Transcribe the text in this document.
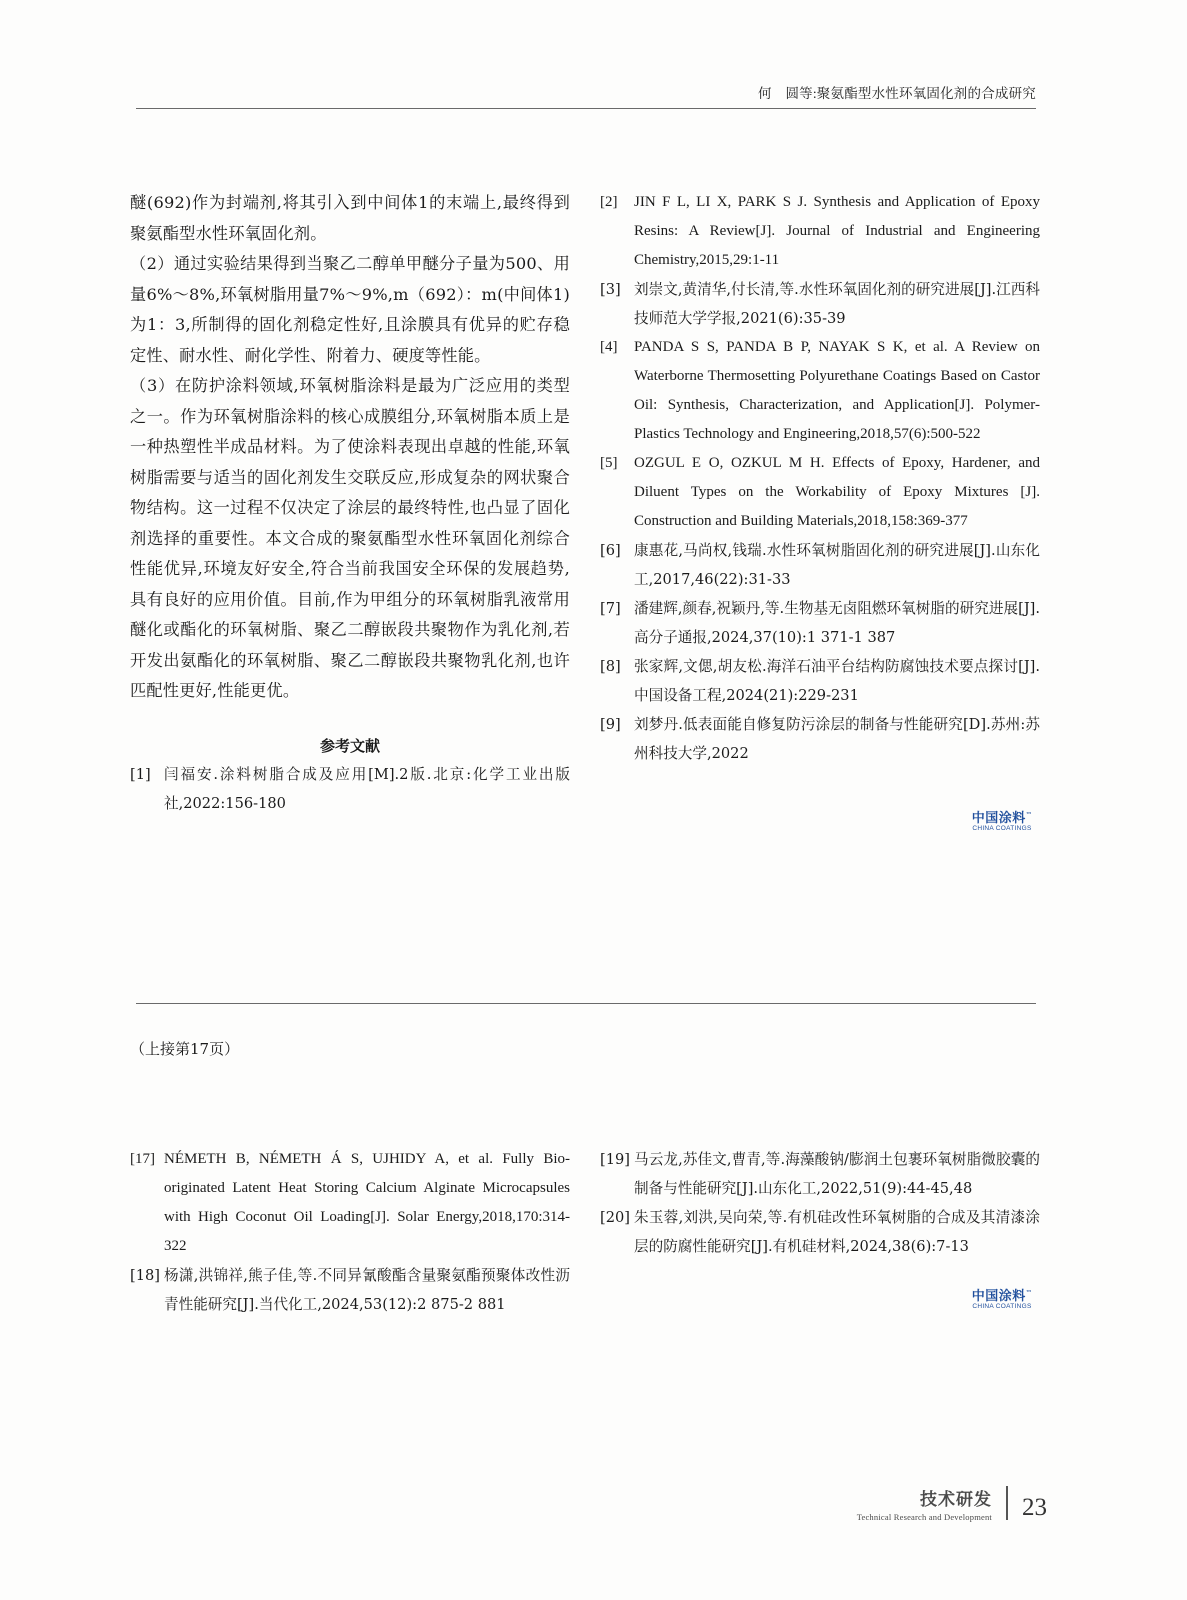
何　圆等:聚氨酯型水性环氧固化剂的合成研究

醚(692)作为封端剂,将其引入到中间体1的末端上,最终得到聚氨酯型水性环氧固化剂。

（2）通过实验结果得到当聚乙二醇单甲醚分子量为500、用量6%～8%,环氧树脂用量7%～9%,m（692）：m(中间体1)为1：3,所制得的固化剂稳定性好,且涂膜具有优异的贮存稳定性、耐水性、耐化学性、附着力、硬度等性能。

（3）在防护涂料领域,环氧树脂涂料是最为广泛应用的类型之一。作为环氧树脂涂料的核心成膜组分,环氧树脂本质上是一种热塑性半成品材料。为了使涂料表现出卓越的性能,环氧树脂需要与适当的固化剂发生交联反应,形成复杂的网状聚合物结构。这一过程不仅决定了涂层的最终特性,也凸显了固化剂选择的重要性。本文合成的聚氨酯型水性环氧固化剂综合性能优异,环境友好安全,符合当前我国安全环保的发展趋势,具有良好的应用价值。目前,作为甲组分的环氧树脂乳液常用醚化或酯化的环氧树脂、聚乙二醇嵌段共聚物作为乳化剂,若开发出氨酯化的环氧树脂、聚乙二醇嵌段共聚物乳化剂,也许匹配性更好,性能更优。

参考文献
[1] 闫福安.涂料树脂合成及应用[M].2版.北京:化学工业出版社,2022:156-180
[2]	JIN F L, LI X, PARK S J. Synthesis and Application of Epoxy Resins: A Review[J]. Journal of Industrial and Engineering Chemistry,2015,29:1-11
[3] 刘崇文,黄清华,付长清,等.水性环氧固化剂的研究进展[J].江西科技师范大学学报,2021(6):35-39
[4]	PANDA S S, PANDA B P, NAYAK S K, et al. A Review on Waterborne Thermosetting Polyurethane Coatings Based on Castor Oil: Synthesis, Characterization, and Application[J]. Polymer-Plastics Technology and Engineering,2018,57(6):500-522
[5]	OZGUL E O, OZKUL M H. Effects of Epoxy, Hardener, and Diluent Types on the Workability of Epoxy Mixtures [J]. Construction and Building Materials,2018,158:369-377
[6] 康惠花,马尚权,钱瑞.水性环氧树脂固化剂的研究进展[J].山东化工,2017,46(22):31-33
[7] 潘建辉,颜春,祝颖丹,等.生物基无卤阻燃环氧树脂的研究进展[J].高分子通报,2024,37(10):1 371-1 387
[8] 张家辉,文偲,胡友松.海洋石油平台结构防腐蚀技术要点探讨[J].中国设备工程,2024(21):229-231
[9] 刘梦丹.低表面能自修复防污涂层的制备与性能研究[D].苏州:苏州科技大学,2022
中国涂料™
CHINA COATINGS
（上接第17页）
[17] NÉMETH B, NÉMETH Á S, UJHIDY A, et al. Fully Bio-originated Latent Heat Storing Calcium Alginate Microcapsules with High Coconut Oil Loading[J]. Solar Energy,2018,170:314-322
[18] 杨潇,洪锦祥,熊子佳,等.不同异氰酸酯含量聚氨酯预聚体改性沥青性能研究[J].当代化工,2024,53(12):2 875-2 881
[19] 马云龙,苏佳文,曹青,等.海藻酸钠/膨润土包裹环氧树脂微胶囊的制备与性能研究[J].山东化工,2022,51(9):44-45,48
[20] 朱玉蓉,刘洪,吴向荣,等.有机硅改性环氧树脂的合成及其清漆涂层的防腐性能研究[J].有机硅材料,2024,38(6):7-13
中国涂料™
CHINA COATINGS
技术研发
Technical Research and Development 23
